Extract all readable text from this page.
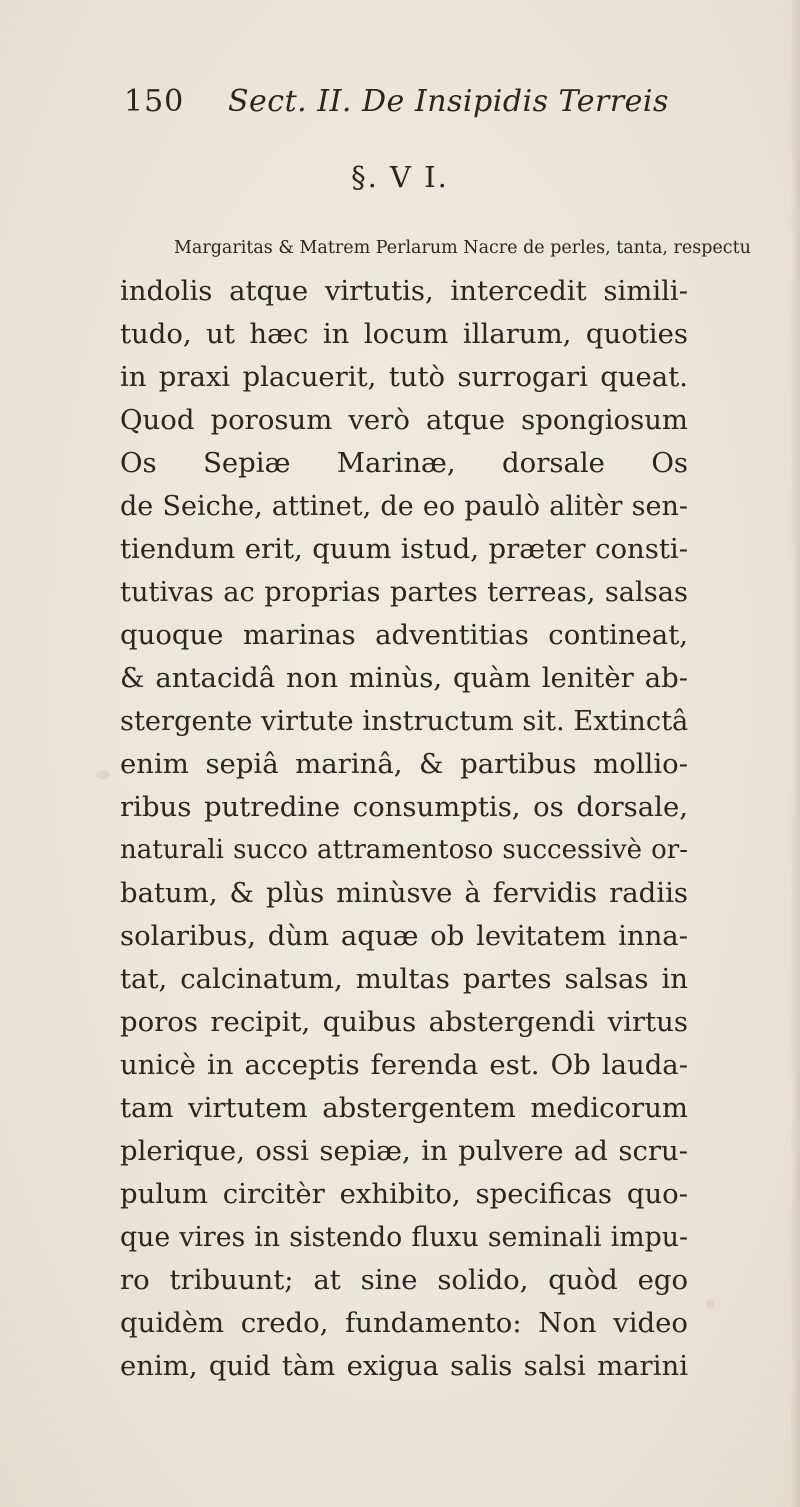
150 Sect. II. De Insipidis Terreis
§. V I.

Margaritas & Matrem Perlarum Nacre de perles, tanta, respectu
indolis atque virtutis, intercedit simili-
tudo, ut hæc in locum illarum, quoties
in praxi placuerit, tutò surrogari queat.
Quod porosum verò atque spongiosum
Os Sepiæ Marinæ, dorsale Os
de Seiche, attinet, de eo paulò alitèr sen-
tiendum erit, quum istud, præter consti-
tutivas ac proprias partes terreas, salsas
quoque marinas adventitias contineat,
& antacidâ non minùs, quàm lenitèr ab-
stergente virtute instructum sit. Extinctâ
enim sepiâ marinâ, & partibus mollio-
ribus putredine consumptis, os dorsale,
naturali succo attramentoso successivè or-
batum, & plùs minùsve à fervidis radiis
solaribus, dùm aquæ ob levitatem inna-
tat, calcinatum, multas partes salsas in
poros recipit, quibus abstergendi virtus
unicè in acceptis ferenda est. Ob lauda-
tam virtutem abstergentem medicorum
plerique, ossi sepiæ, in pulvere ad scru-
pulum circitèr exhibito, specificas quo-
que vires in sistendo fluxu seminali impu-
ro tribuunt; at sine solido, quòd ego
quidèm credo, fundamento: Non video
enim, quid tàm exigua salis salsi marini
